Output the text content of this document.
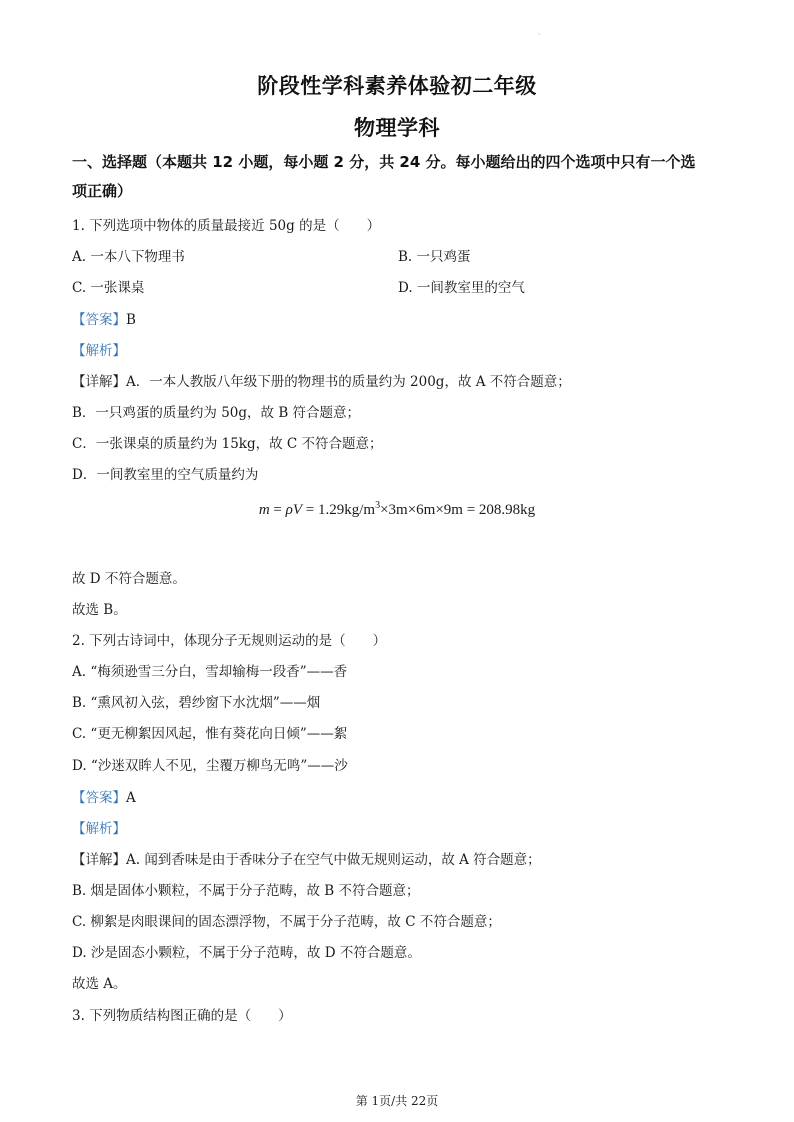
·
阶段性学科素养体验初二年级
物理学科
一、选择题（本题共 12 小题，每小题 2 分，共 24 分。每小题给出的四个选项中只有一个选
项正确）
1. 下列选项中物体的质量最接近 50g 的是（　　）
A. 一本八下物理书	B. 一只鸡蛋
C. 一张课桌	D. 一间教室里的空气
【答案】B
【解析】
【详解】A．一本人教版八年级下册的物理书的质量约为 200g，故 A 不符合题意；
B．一只鸡蛋的质量约为 50g，故 B 符合题意；
C．一张课桌的质量约为 15kg，故 C 不符合题意；
D．一间教室里的空气质量约为
$m = \rho V = 1.29kg/m^3\times 3m\times 6m\times 9m = 208.98kg$
故 D 不符合题意。
故选 B。
2. 下列古诗词中，体现分子无规则运动的是（　　）
A. “梅须逊雪三分白，雪却输梅一段香”——香
B. “熏风初入弦，碧纱窗下水沈烟”——烟
C. “更无柳絮因风起，惟有葵花向日倾”——絮
D. “沙迷双眸人不见，尘覆万柳鸟无鸣”——沙
【答案】A
【解析】
【详解】A. 闻到香味是由于香味分子在空气中做无规则运动，故 A 符合题意；
B. 烟是固体小颗粒，不属于分子范畴，故 B 不符合题意；
C. 柳絮是肉眼课间的固态漂浮物，不属于分子范畴，故 C 不符合题意；
D. 沙是固态小颗粒，不属于分子范畴，故 D 不符合题意。
故选 A。
3. 下列物质结构图正确的是（　　）
第 1页/共 22页
